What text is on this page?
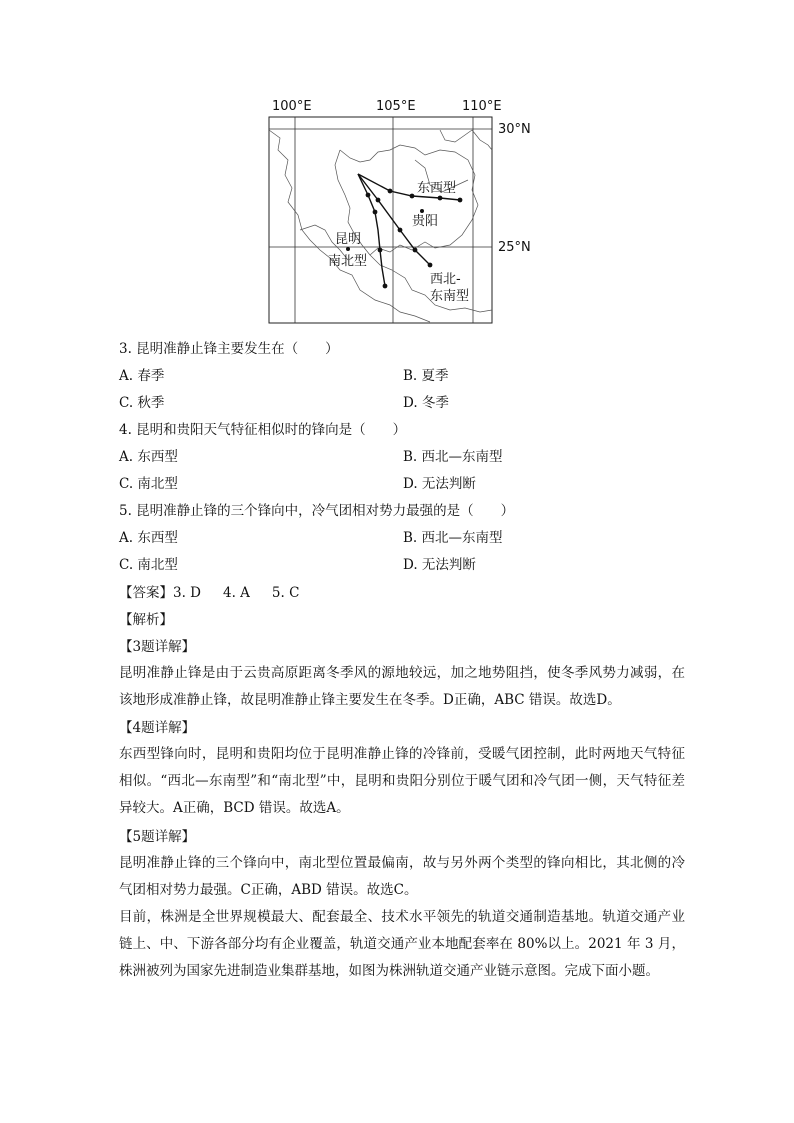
100°E	105°E	110°E
30°N
25°N
东西型
贵阳
昆明
南北型
西北-
东南型
3. 昆明准静止锋主要发生在（　　）
A. 春季	B. 夏季
C. 秋季	D. 冬季
4. 昆明和贵阳天气特征相似时的锋向是（　　）
A. 东西型	B. 西北—东南型
C. 南北型	D. 无法判断
5. 昆明准静止锋的三个锋向中，冷气团相对势力最强的是（　　）
A. 东西型	B. 西北—东南型
C. 南北型	D. 无法判断
【答案】3. D 4. A 5. C
【解析】
【3题详解】
昆明准静止锋是由于云贵高原距离冬季风的源地较远，加之地势阻挡，使冬季风势力减弱，在该地形成准静止锋，故昆明准静止锋主要发生在冬季。D正确，ABC 错误。故选D。
【4题详解】
东西型锋向时，昆明和贵阳均位于昆明准静止锋的冷锋前，受暖气团控制，此时两地天气特征相似。“西北—东南型”和“南北型”中，昆明和贵阳分别位于暖气团和冷气团一侧，天气特征差异较大。A正确，BCD 错误。故选A。
【5题详解】
昆明准静止锋的三个锋向中，南北型位置最偏南，故与另外两个类型的锋向相比，其北侧的冷气团相对势力最强。C正确，ABD 错误。故选C。
目前，株洲是全世界规模最大、配套最全、技术水平领先的轨道交通制造基地。轨道交通产业链上、中、下游各部分均有企业覆盖，轨道交通产业本地配套率在 80%以上。2021 年 3 月，株洲被列为国家先进制造业集群基地，如图为株洲轨道交通产业链示意图。完成下面小题。
